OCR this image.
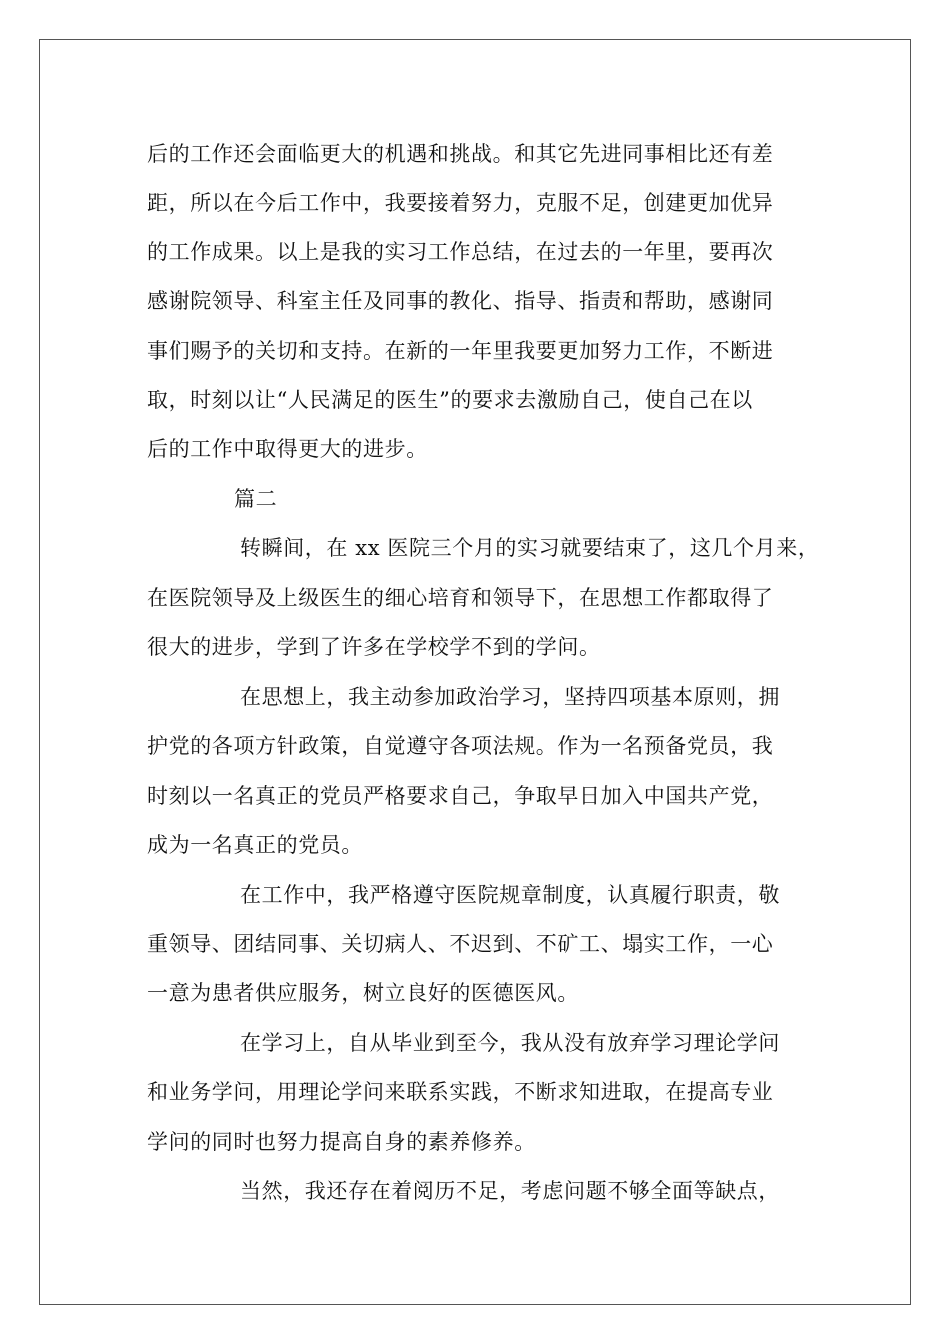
后的工作还会面临更大的机遇和挑战。和其它先进同事相比还有差
距，所以在今后工作中，我要接着努力，克服不足，创建更加优异
的工作成果。以上是我的实习工作总结，在过去的一年里，要再次
感谢院领导、科室主任及同事的教化、指导、指责和帮助，感谢同
事们赐予的关切和支持。在新的一年里我要更加努力工作，不断进
取，时刻以让“人民满足的医生”的要求去激励自己，使自己在以
后的工作中取得更大的进步。
篇二
转瞬间，在 xx 医院三个月的实习就要结束了，这几个月来，
在医院领导及上级医生的细心培育和领导下，在思想工作都取得了
很大的进步，学到了许多在学校学不到的学问。
在思想上，我主动参加政治学习，坚持四项基本原则，拥
护党的各项方针政策，自觉遵守各项法规。作为一名预备党员，我
时刻以一名真正的党员严格要求自己，争取早日加入中国共产党，
成为一名真正的党员。
在工作中，我严格遵守医院规章制度，认真履行职责，敬
重领导、团结同事、关切病人、不迟到、不矿工、塌实工作，一心
一意为患者供应服务，树立良好的医德医风。
在学习上，自从毕业到至今，我从没有放弃学习理论学问
和业务学问，用理论学问来联系实践，不断求知进取，在提高专业
学问的同时也努力提高自身的素养修养。
当然，我还存在着阅历不足，考虑问题不够全面等缺点，
